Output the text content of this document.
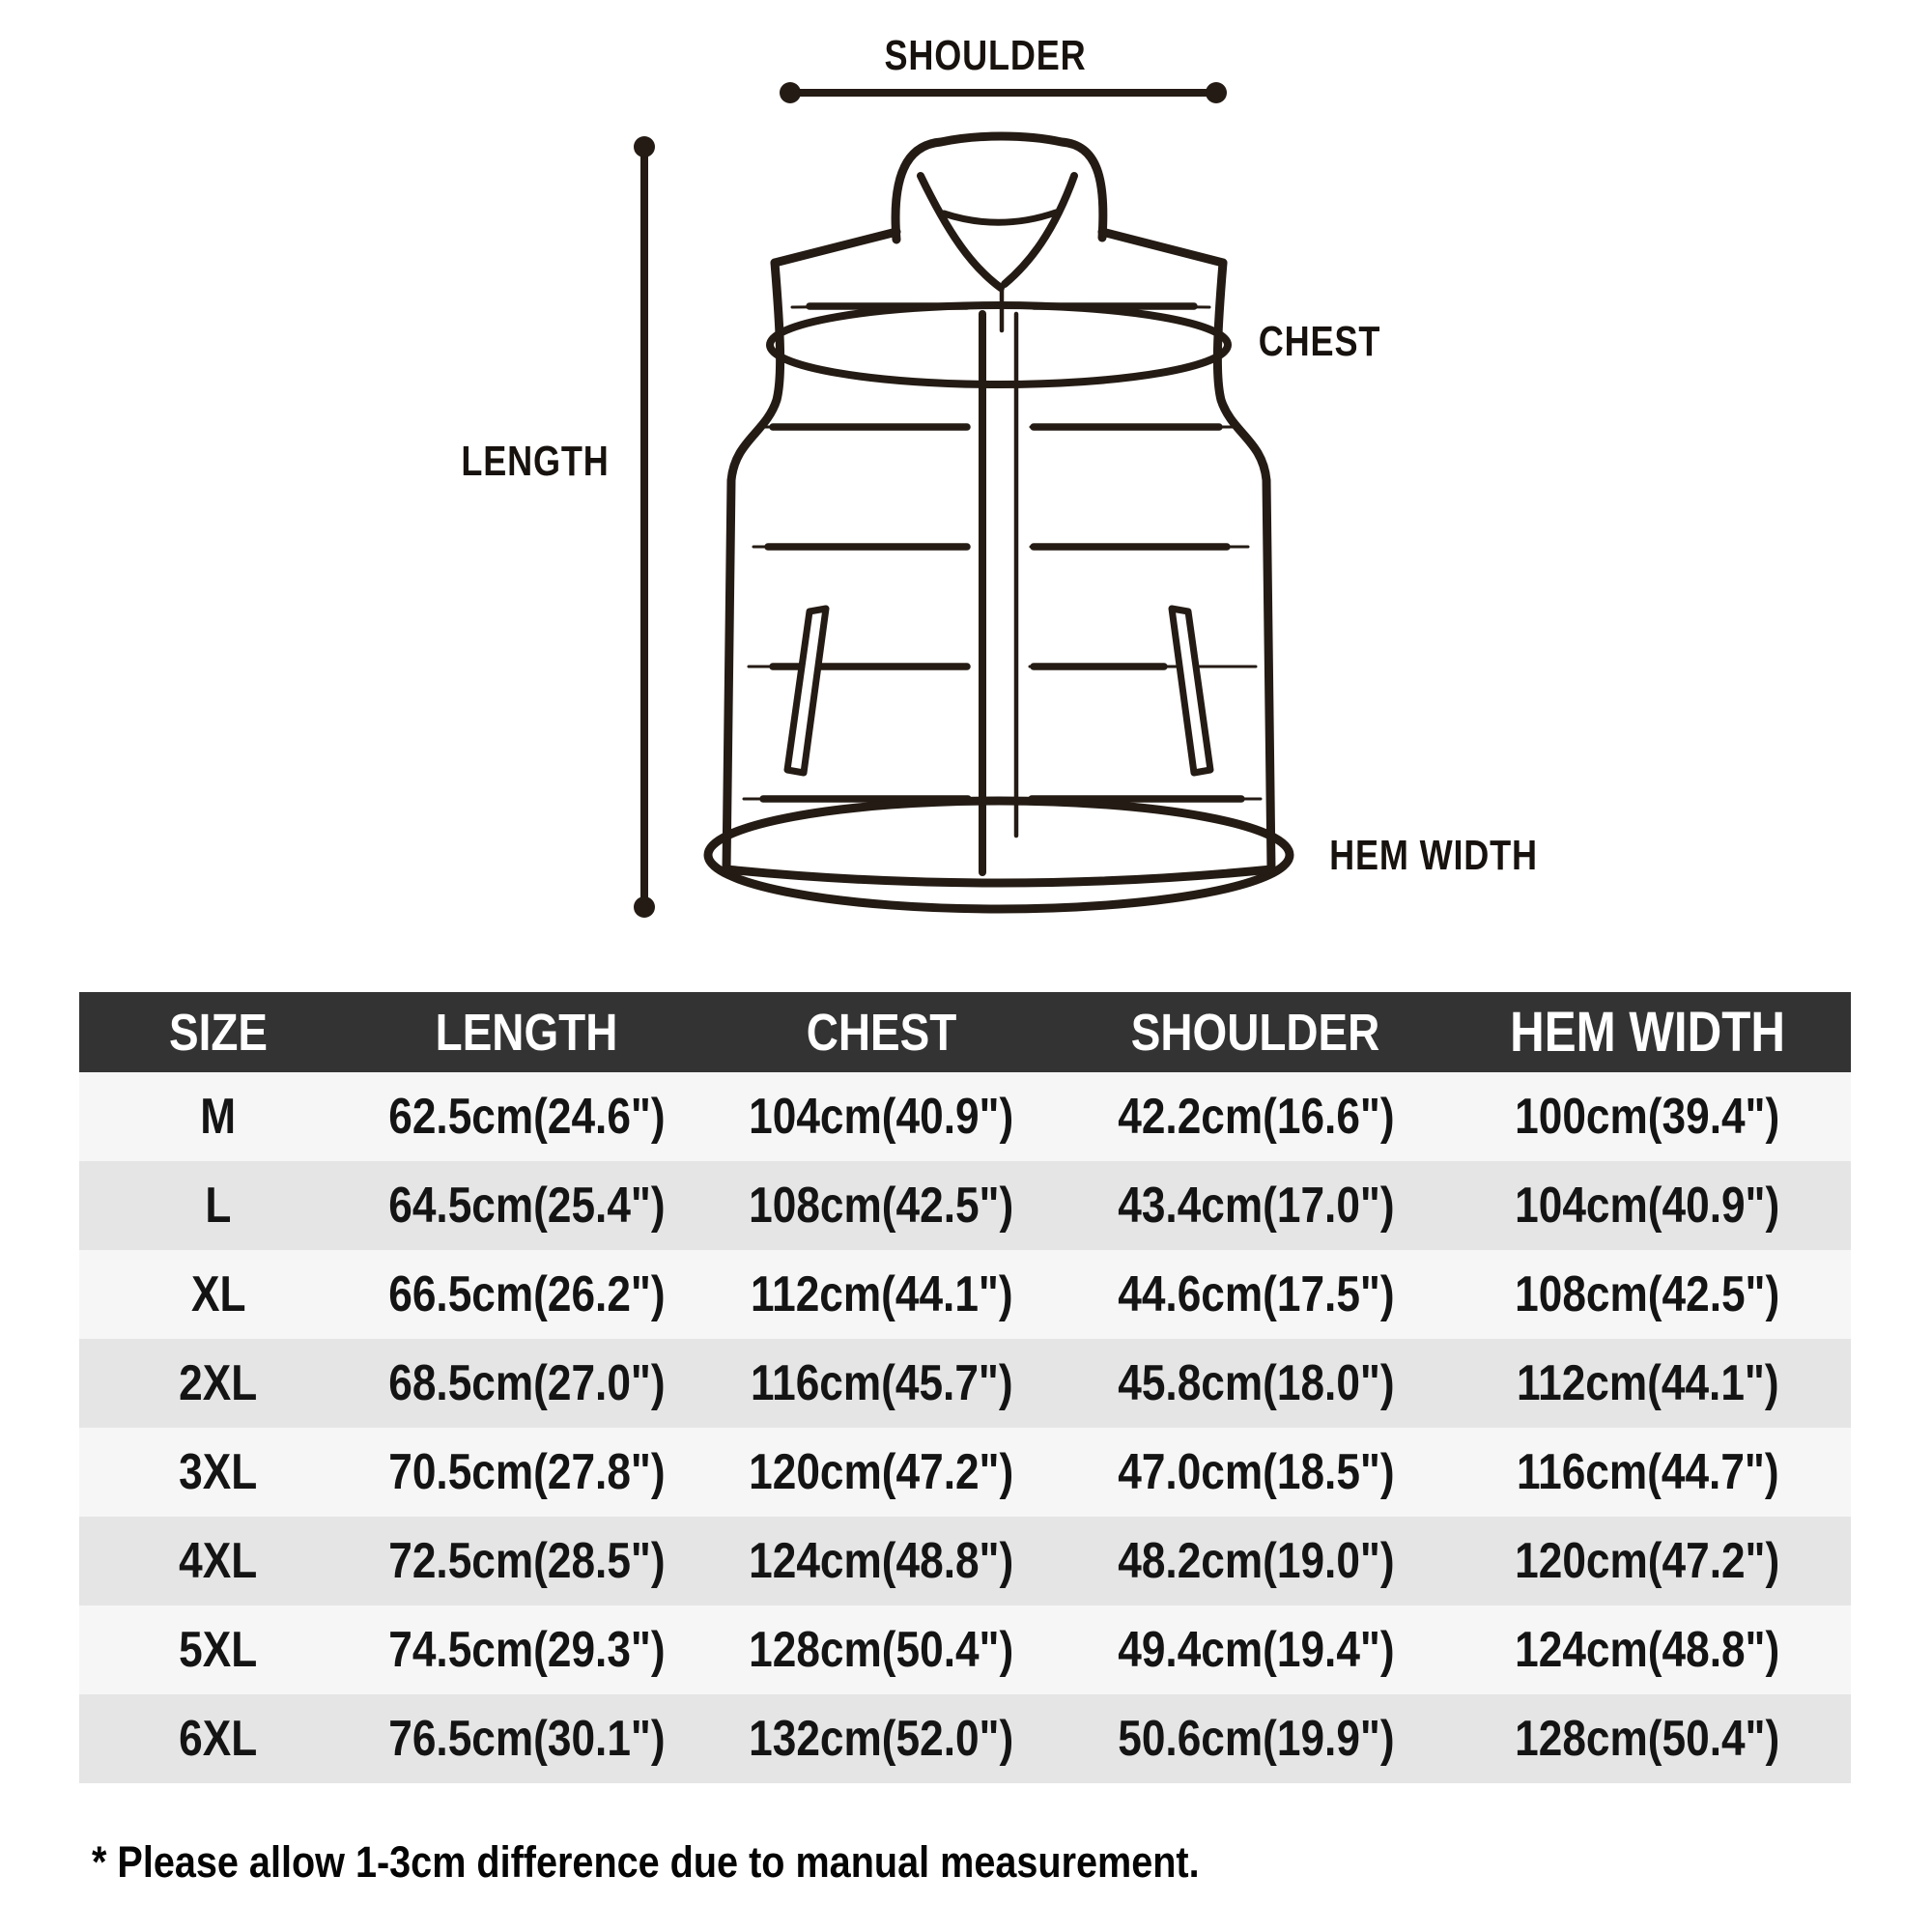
SHOULDER
LENGTH
CHEST
HEM WIDTH
SIZE	LENGTH	CHEST	SHOULDER HEM WIDTH
M	62.5cm(24.6") 104cm(40.9") 42.2cm(16.6") 100cm(39.4")
L	64.5cm(25.4") 108cm(42.5") 43.4cm(17.0") 104cm(40.9")
XL	66.5cm(26.2") 112cm(44.1") 44.6cm(17.5") 108cm(42.5")
2XL	68.5cm(27.0") 116cm(45.7") 45.8cm(18.0") 112cm(44.1")
3XL	70.5cm(27.8") 120cm(47.2") 47.0cm(18.5") 116cm(44.7")
4XL	72.5cm(28.5") 124cm(48.8") 48.2cm(19.0") 120cm(47.2")
5XL	74.5cm(29.3") 128cm(50.4") 49.4cm(19.4") 124cm(48.8")
6XL	76.5cm(30.1") 132cm(52.0") 50.6cm(19.9") 128cm(50.4")
* Please allow 1-3cm difference due to manual measurement.
